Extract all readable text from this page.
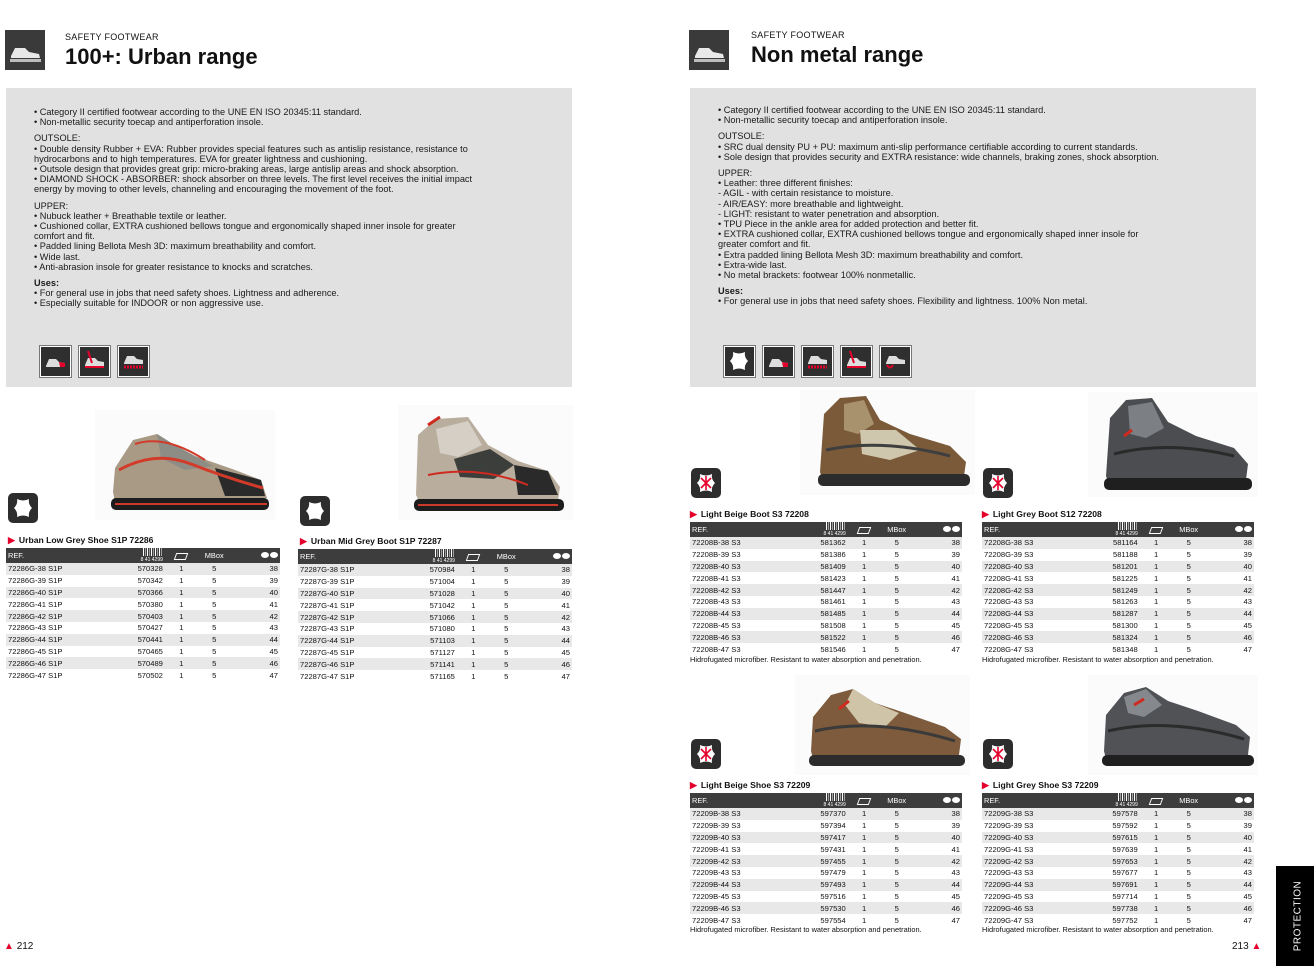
SAFETY FOOTWEAR
100+: Urban range
SAFETY FOOTWEAR
Non metal range
• Category II certified footwear according to the UNE EN ISO 20345:11 standard.
• Non-metallic security toecap and antiperforation insole.
OUTSOLE:
• Double density Rubber + EVA: Rubber provides special features such as antislip resistance, resistance to
hydrocarbons and to high temperatures. EVA for greater lightness and cushioning.
• Outsole design that provides great grip: micro-braking areas, large antislip areas and shock absorption.
• DIAMOND SHOCK - ABSORBER: shock absorber on three levels. The first level receives the initial impact
energy by moving to other levels, channeling and encouraging the movement of the foot.
UPPER:
• Nubuck leather + Breathable textile or leather.
• Cushioned collar, EXTRA cushioned bellows tongue and ergonomically shaped inner insole for greater
comfort and fit.
• Padded lining Bellota Mesh 3D: maximum breathability and comfort.
• Wide last.
• Anti-abrasion insole for greater resistance to knocks and scratches.
Uses:
• For general use in jobs that need safety shoes. Lightness and adherence.
• Especially suitable for INDOOR or non aggressive use.
• Category II certified footwear according to the UNE EN ISO 20345:11 standard.
• Non-metallic security toecap and antiperforation insole.
OUTSOLE:
• SRC dual density PU + PU: maximum anti-slip performance certifiable according to current standards.
• Sole design that provides security and EXTRA resistance: wide channels, braking zones, shock absorption.
UPPER:
• Leather: three different finishes:
- AGIL - with certain resistance to moisture.
- AIR/EASY: more breathable and lightweight.
- LIGHT: resistant to water penetration and absorption.
• TPU Piece in the ankle area for added protection and better fit.
• EXTRA cushioned collar, EXTRA cushioned bellows tongue and ergonomically shaped inner insole for
greater comfort and fit.
• Extra padded lining Bellota Mesh 3D: maximum breathability and comfort.
• Extra-wide last.
• No metal brackets: footwear 100% nonmetallic.
Uses:
• For general use in jobs that need safety shoes. Flexibility and lightness. 100% Non metal.
▶ Urban Low Grey Shoe S1P 72286	▶ Urban Mid Grey Boot S1P 72287
▶ Light Beige Boot S3 72208	▶ Light Grey Boot S12 72208
▶ Light Beige Shoe S3 72209	▶ Light Grey Shoe S3 72209
REF.	8 41 4299		MBox	
72286G-38 S1P	570328	1	5	38
72286G-39 S1P	570342	1	5	39
72286G-40 S1P	570366	1	5	40
72286G-41 S1P	570380	1	5	41
72286G-42 S1P	570403	1	5	42
72286G-43 S1P	570427	1	5	43
72286G-44 S1P	570441	1	5	44
72286G-45 S1P	570465	1	5	45
72286G-46 S1P	570489	1	5	46
72286G-47 S1P	570502	1	5	47
REF.	8 41 4299		MBox	
72287G-38 S1P	570984	1	5	38
72287G-39 S1P	571004	1	5	39
72287G-40 S1P	571028	1	5	40
72287G-41 S1P	571042	1	5	41
72287G-42 S1P	571066	1	5	42
72287G-43 S1P	571080	1	5	43
72287G-44 S1P	571103	1	5	44
72287G-45 S1P	571127	1	5	45
72287G-46 S1P	571141	1	5	46
72287G-47 S1P	571165	1	5	47
REF.	8 41 4299		MBox	
72208B-38 S3	581362	1	5	38
72208B-39 S3	581386	1	5	39
72208B-40 S3	581409	1	5	40
72208B-41 S3	581423	1	5	41
72208B-42 S3	581447	1	5	42
72208B-43 S3	581461	1	5	43
72208B-44 S3	581485	1	5	44
72208B-45 S3	581508	1	5	45
72208B-46 S3	581522	1	5	46
72208B-47 S3	581546	1	5	47
REF.	8 41 4299		MBox	
72208G-38 S3	581164	1	5	38
72208G-39 S3	581188	1	5	39
72208G-40 S3	581201	1	5	40
72208G-41 S3	581225	1	5	41
72208G-42 S3	581249	1	5	42
72208G-43 S3	581263	1	5	43
72208G-44 S3	581287	1	5	44
72208G-45 S3	581300	1	5	45
72208G-46 S3	581324	1	5	46
72208G-47 S3	581348	1	5	47
REF.	8 41 4299		MBox	
72209B-38 S3	597370	1	5	38
72209B-39 S3	597394	1	5	39
72209B-40 S3	597417	1	5	40
72209B-41 S3	597431	1	5	41
72209B-42 S3	597455	1	5	42
72209B-43 S3	597479	1	5	43
72209B-44 S3	597493	1	5	44
72209B-45 S3	597516	1	5	45
72209B-46 S3	597530	1	5	46
72209B-47 S3	597554	1	5	47
REF.	8 41 4299		MBox	
72209G-38 S3	597578	1	5	38
72209G-39 S3	597592	1	5	39
72209G-40 S3	597615	1	5	40
72209G-41 S3	597639	1	5	41
72209G-42 S3	597653	1	5	42
72209G-43 S3	597677	1	5	43
72209G-44 S3	597691	1	5	44
72209G-45 S3	597714	1	5	45
72209G-46 S3	597738	1	5	46
72209G-47 S3	597752	1	5	47
Hidrofugated microfiber. Resistant to water absorption and penetration.	Hidrofugated microfiber. Resistant to water absorption and penetration.
Hidrofugated microfiber. Resistant to water absorption and penetration.	Hidrofugated microfiber. Resistant to water absorption and penetration.
▲ 212	213 ▲	PROTECTION
